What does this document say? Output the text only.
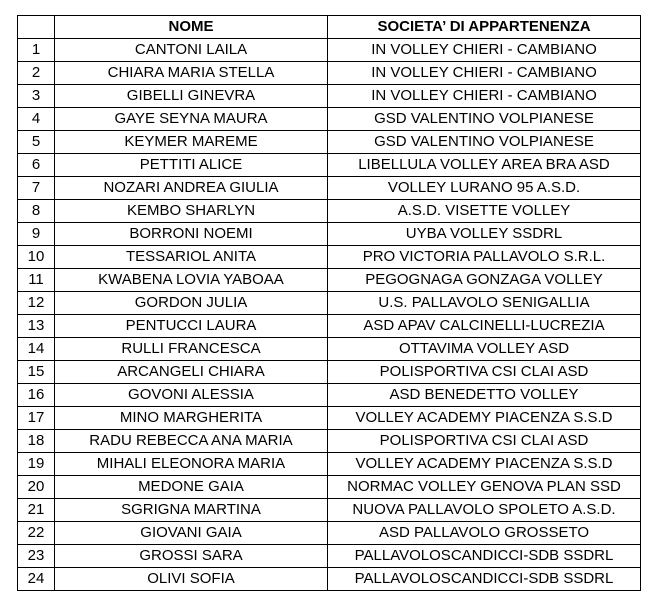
	NOME	SOCIETA’ DI APPARTENENZA
1	CANTONI LAILA	IN VOLLEY CHIERI - CAMBIANO
2	CHIARA MARIA STELLA	IN VOLLEY CHIERI - CAMBIANO
3	GIBELLI GINEVRA	IN VOLLEY CHIERI - CAMBIANO
4	GAYE SEYNA MAURA	GSD VALENTINO VOLPIANESE
5	KEYMER MAREME	GSD VALENTINO VOLPIANESE
6	PETTITI ALICE	LIBELLULA VOLLEY AREA BRA ASD
7	NOZARI ANDREA GIULIA	VOLLEY LURANO 95 A.S.D.
8	KEMBO SHARLYN	A.S.D. VISETTE VOLLEY
9	BORRONI NOEMI	UYBA VOLLEY SSDRL
10	TESSARIOL ANITA	PRO VICTORIA PALLAVOLO S.R.L.
11	KWABENA LOVIA YABOAA	PEGOGNAGA GONZAGA VOLLEY
12	GORDON JULIA	U.S. PALLAVOLO SENIGALLIA
13	PENTUCCI LAURA	ASD APAV CALCINELLI-LUCREZIA
14	RULLI FRANCESCA	OTTAVIMA VOLLEY ASD
15	ARCANGELI CHIARA	POLISPORTIVA CSI CLAI ASD
16	GOVONI ALESSIA	ASD BENEDETTO VOLLEY
17	MINO MARGHERITA	VOLLEY ACADEMY PIACENZA S.S.D
18	RADU REBECCA ANA MARIA	POLISPORTIVA CSI CLAI ASD
19	MIHALI ELEONORA MARIA	VOLLEY ACADEMY PIACENZA S.S.D
20	MEDONE GAIA	NORMAC VOLLEY GENOVA PLAN SSD
21	SGRIGNA MARTINA	NUOVA PALLAVOLO SPOLETO A.S.D.
22	GIOVANI GAIA	ASD PALLAVOLO GROSSETO
23	GROSSI SARA	PALLAVOLOSCANDICCI-SDB SSDRL
24	OLIVI SOFIA	PALLAVOLOSCANDICCI-SDB SSDRL
